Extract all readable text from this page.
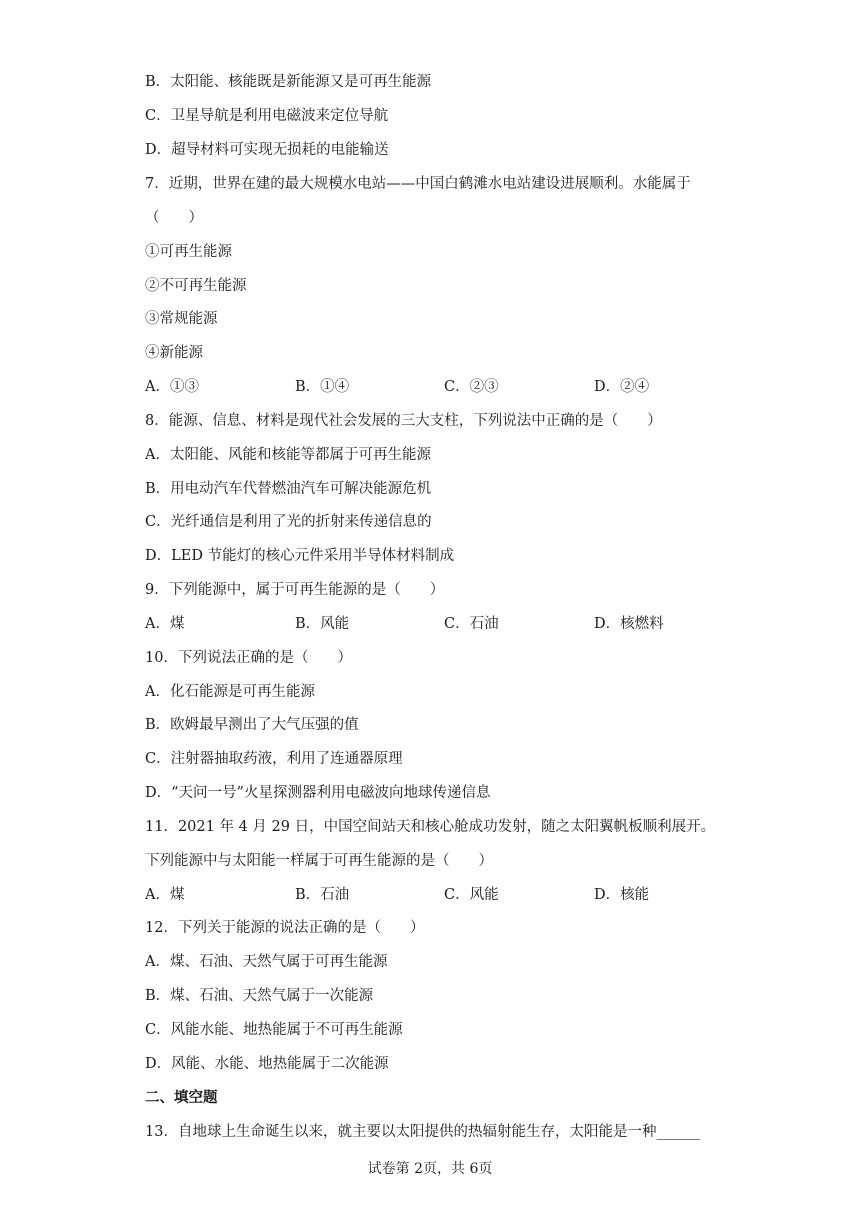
B．太阳能、核能既是新能源又是可再生能源
C．卫星导航是利用电磁波来定位导航
D．超导材料可实现无损耗的电能输送
7．近期，世界在建的最大规模水电站——中国白鹤滩水电站建设进展顺利。水能属于
（　　）
①可再生能源
②不可再生能源
③常规能源
④新能源
A．①③	B．①④	C．②③	D．②④
8．能源、信息、材料是现代社会发展的三大支柱，下列说法中正确的是（　　）
A．太阳能、风能和核能等都属于可再生能源
B．用电动汽车代替燃油汽车可解决能源危机
C．光纤通信是利用了光的折射来传递信息的
D．LED 节能灯的核心元件采用半导体材料制成
9．下列能源中，属于可再生能源的是（　　）
A．煤	B．风能	C．石油	D．核燃料
10．下列说法正确的是（　　）
A．化石能源是可再生能源
B．欧姆最早测出了大气压强的值
C．注射器抽取药液，利用了连通器原理
D．“天问一号”火星探测器利用电磁波向地球传递信息
11．2021 年 4 月 29 日，中国空间站天和核心舱成功发射，随之太阳翼帆板顺利展开。
下列能源中与太阳能一样属于可再生能源的是（　　）
A．煤	B．石油	C．风能	D．核能
12．下列关于能源的说法正确的是（　　）
A．煤、石油、天然气属于可再生能源
B．煤、石油、天然气属于一次能源
C．风能水能、地热能属于不可再生能源
D．风能、水能、地热能属于二次能源
二、填空题
13．自地球上生命诞生以来，就主要以太阳提供的热辐射能生存，太阳能是一种______
试卷第 2页，共 6页
